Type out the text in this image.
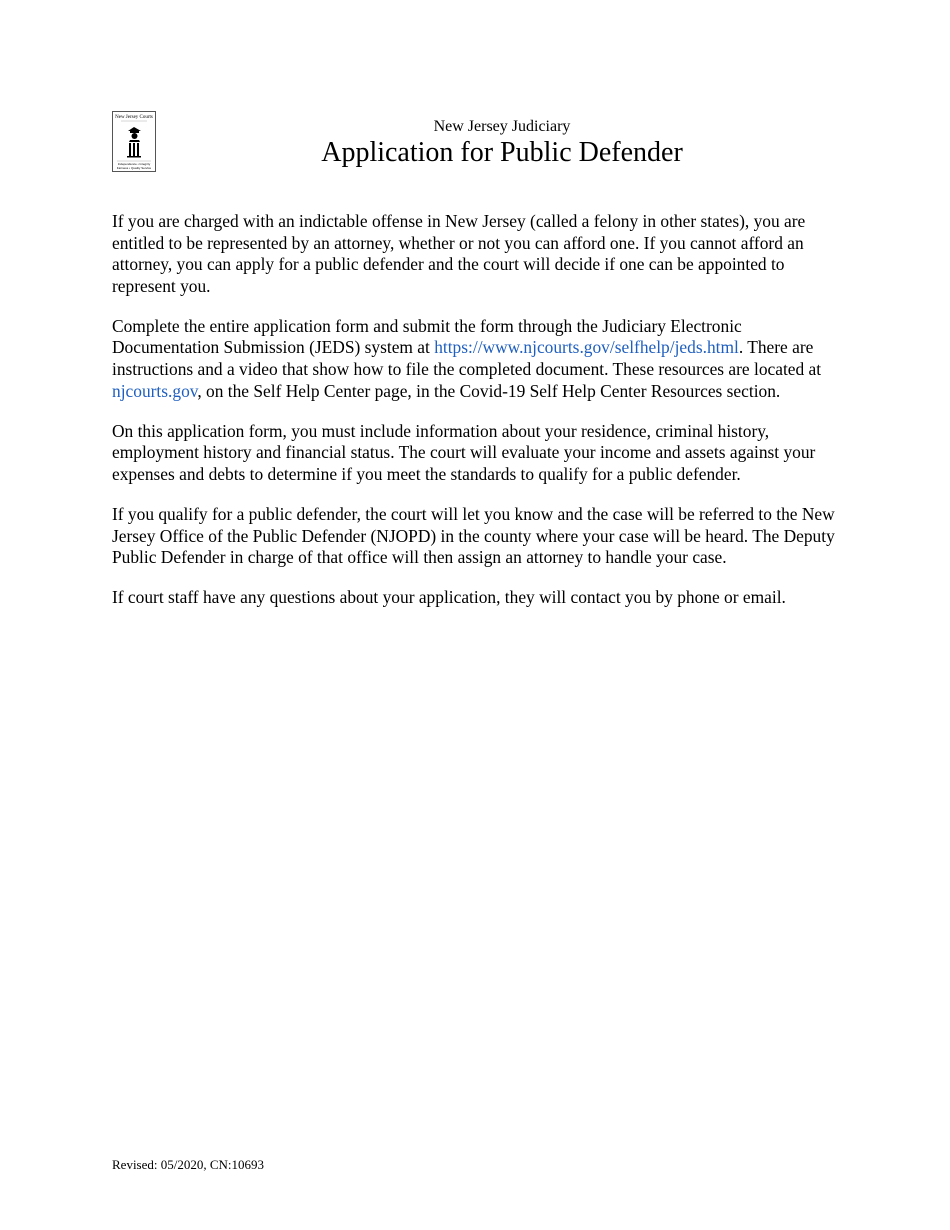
New Jersey Courts
Independence • Integrity
Fairness • Quality Service
New Jersey Judiciary
Application for Public Defender

If you are charged with an indictable offense in New Jersey (called a felony in other states), you are entitled to be represented by an attorney, whether or not you can afford one. If you cannot afford an attorney, you can apply for a public defender and the court will decide if one can be appointed to represent you.

Complete the entire application form and submit the form through the Judiciary Electronic Documentation Submission (JEDS) system at https://www.njcourts.gov/selfhelp/jeds.html. There are instructions and a video that show how to file the completed document. These resources are located at njcourts.gov, on the Self Help Center page, in the Covid-19 Self Help Center Resources section.

On this application form, you must include information about your residence, criminal history, employment history and financial status. The court will evaluate your income and assets against your expenses and debts to determine if you meet the standards to qualify for a public defender.

If you qualify for a public defender, the court will let you know and the case will be referred to the New Jersey Office of the Public Defender (NJOPD) in the county where your case will be heard. The Deputy Public Defender in charge of that office will then assign an attorney to handle your case.

If court staff have any questions about your application, they will contact you by phone or email.

Revised: 05/2020, CN:10693
